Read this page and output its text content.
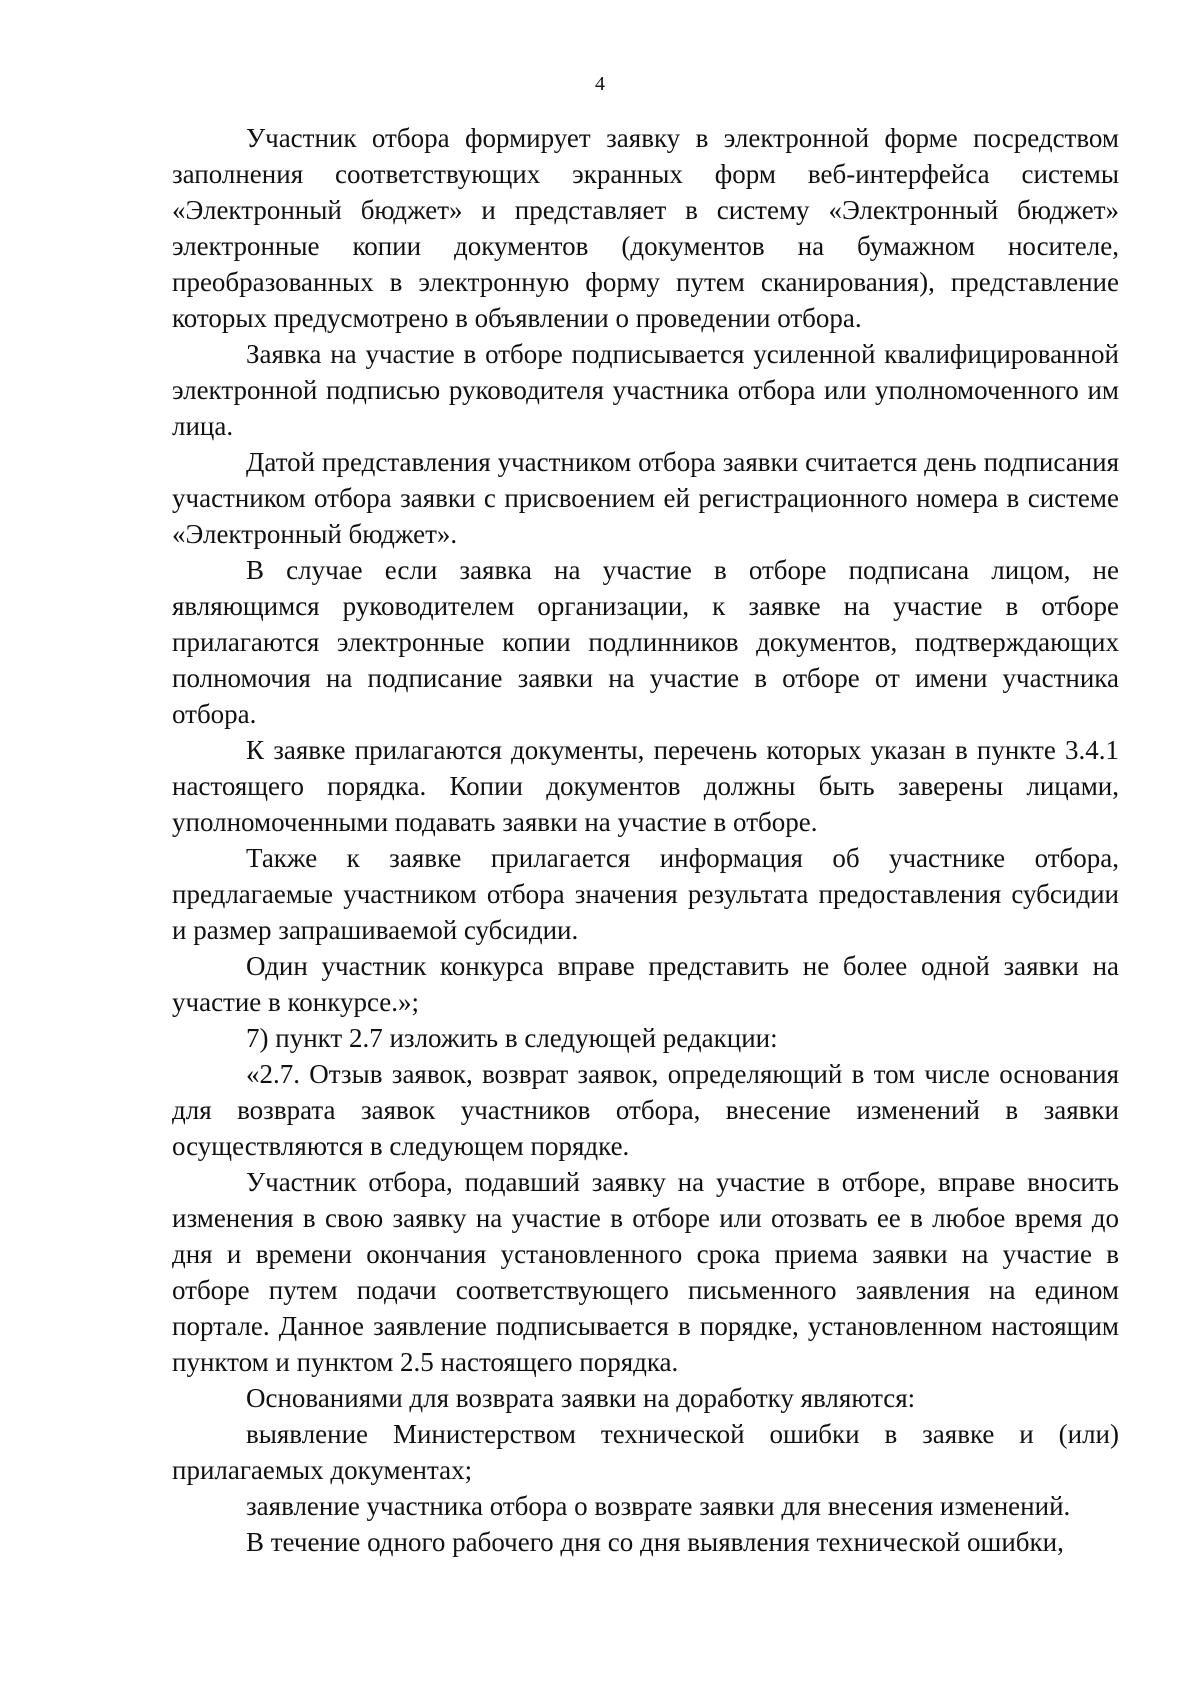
4

Участник отбора формирует заявку в электронной форме посредством заполнения соответствующих экранных форм веб-интерфейса системы «Электронный бюджет» и представляет в систему «Электронный бюджет» электронные копии документов (документов на бумажном носителе, преобразованных в электронную форму путем сканирования), представление которых предусмотрено в объявлении о проведении отбора.

Заявка на участие в отборе подписывается усиленной квалифицированной электронной подписью руководителя участника отбора или уполномоченного им лица.

Датой представления участником отбора заявки считается день подписания участником отбора заявки с присвоением ей регистрационного номера в системе «Электронный бюджет».

В случае если заявка на участие в отборе подписана лицом, не являющимся руководителем организации, к заявке на участие в отборе прилагаются электронные копии подлинников документов, подтверждающих полномочия на подписание заявки на участие в отборе от имени участника отбора.

К заявке прилагаются документы, перечень которых указан в пункте 3.4.1 настоящего порядка. Копии документов должны быть заверены лицами, уполномоченными подавать заявки на участие в отборе.

Также к заявке прилагается информация об участнике отбора, предлагаемые участником отбора значения результата предоставления субсидии и размер запрашиваемой субсидии.

Один участник конкурса вправе представить не более одной заявки на участие в конкурсе.»;

7) пункт 2.7 изложить в следующей редакции:

«2.7. Отзыв заявок, возврат заявок, определяющий в том числе основания для возврата заявок участников отбора, внесение изменений в заявки осуществляются в следующем порядке.

Участник отбора, подавший заявку на участие в отборе, вправе вносить изменения в свою заявку на участие в отборе или отозвать ее в любое время до дня и времени окончания установленного срока приема заявки на участие в отборе путем подачи соответствующего письменного заявления на едином портале. Данное заявление подписывается в порядке, установленном настоящим пунктом и пунктом 2.5 настоящего порядка.

Основаниями для возврата заявки на доработку являются:

выявление Министерством технической ошибки в заявке и (или) прилагаемых документах;

заявление участника отбора о возврате заявки для внесения изменений.

В течение одного рабочего дня со дня выявления технической ошибки,
